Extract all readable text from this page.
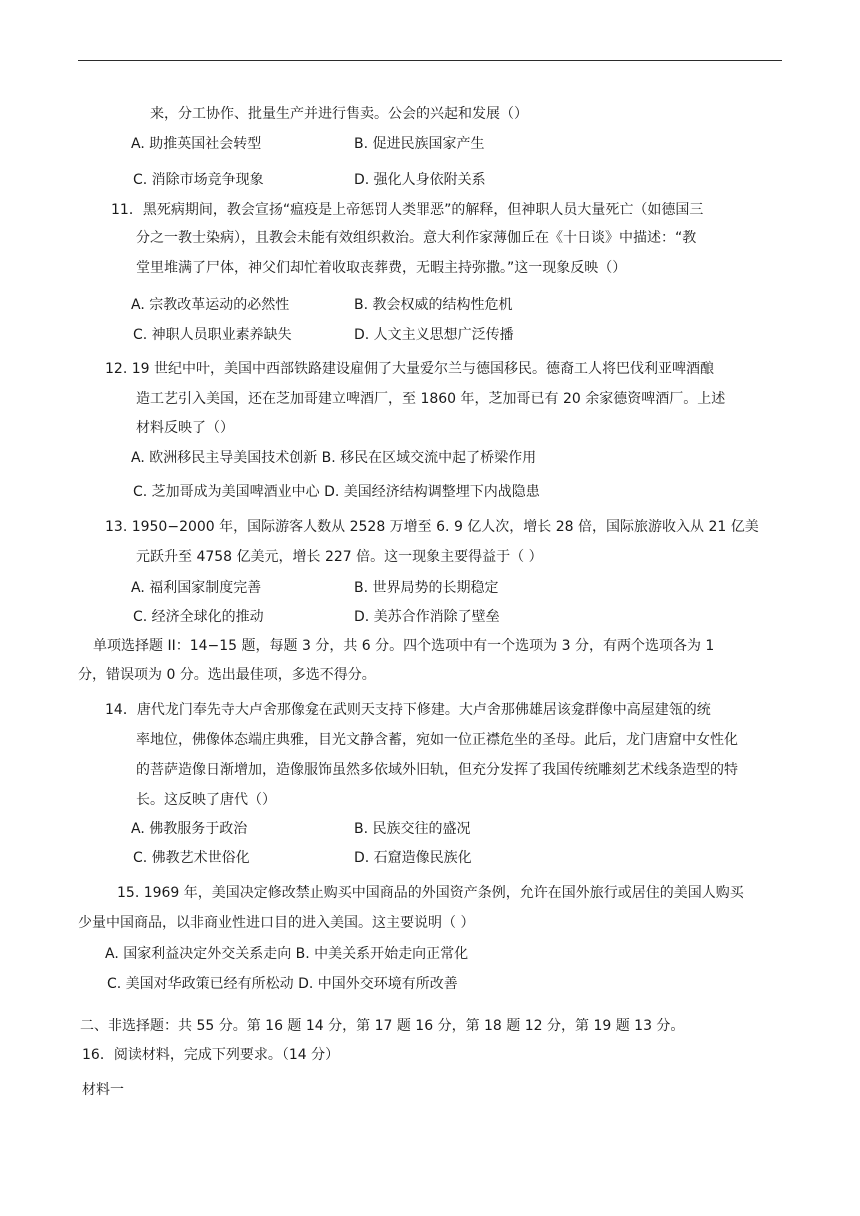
来，分工协作、批量生产并进行售卖。公会的兴起和发展（）
A. 助推英国社会转型	B. 促进民族国家产生
C. 消除市场竞争现象	D. 强化人身依附关系
11．黑死病期间，教会宣扬“瘟疫是上帝惩罚人类罪恶”的解释，但神职人员大量死亡（如德国三
分之一教士染病），且教会未能有效组织救治。意大利作家薄伽丘在《十日谈》中描述：“教
堂里堆满了尸体，神父们却忙着收取丧葬费，无暇主持弥撒。”这一现象反映（）
A. 宗教改革运动的必然性	B. 教会权威的结构性危机
C. 神职人员职业素养缺失	D. 人文主义思想广泛传播
12. 19 世纪中叶，美国中西部铁路建设雇佣了大量爱尔兰与德国移民。德裔工人将巴伐利亚啤酒酿
造工艺引入美国，还在芝加哥建立啤酒厂，至 1860 年，芝加哥已有 20 余家德资啤酒厂。上述
材料反映了（）
A. 欧洲移民主导美国技术创新 B. 移民在区域交流中起了桥梁作用
C. 芝加哥成为美国啤酒业中心 D. 美国经济结构调整埋下内战隐患
13. 1950−2000 年，国际游客人数从 2528 万增至 6. 9 亿人次，增长 28 倍，国际旅游收入从 21 亿美
元跃升至 4758 亿美元，增长 227 倍。这一现象主要得益于（ ）
A. 福利国家制度完善	B. 世界局势的长期稳定
C. 经济全球化的推动	D. 美苏合作消除了壁垒
单项选择题 II：14−15 题，每题 3 分，共 6 分。四个选项中有一个选项为 3 分，有两个选项各为 1
分，错误项为 0 分。选出最佳项，多选不得分。
14．唐代龙门奉先寺大卢舍那像龛在武则天支持下修建。大卢舍那佛雄居该龛群像中高屋建瓴的统
率地位，佛像体态端庄典雅，目光文静含蓄，宛如一位正襟危坐的圣母。此后，龙门唐窟中女性化
的菩萨造像日渐增加，造像服饰虽然多依域外旧轨，但充分发挥了我国传统雕刻艺术线条造型的特
长。这反映了唐代（）
A. 佛教服务于政治	B. 民族交往的盛况
C. 佛教艺术世俗化	D. 石窟造像民族化
15. 1969 年，美国决定修改禁止购买中国商品的外国资产条例，允许在国外旅行或居住的美国人购买
少量中国商品，以非商业性进口目的进入美国。这主要说明（ ）
A. 国家利益决定外交关系走向 B. 中美关系开始走向正常化
C. 美国对华政策已经有所松动 D. 中国外交环境有所改善
二、非选择题：共 55 分。第 16 题 14 分，第 17 题 16 分，第 18 题 12 分，第 19 题 13 分。
16．阅读材料，完成下列要求。（14 分）
材料一
